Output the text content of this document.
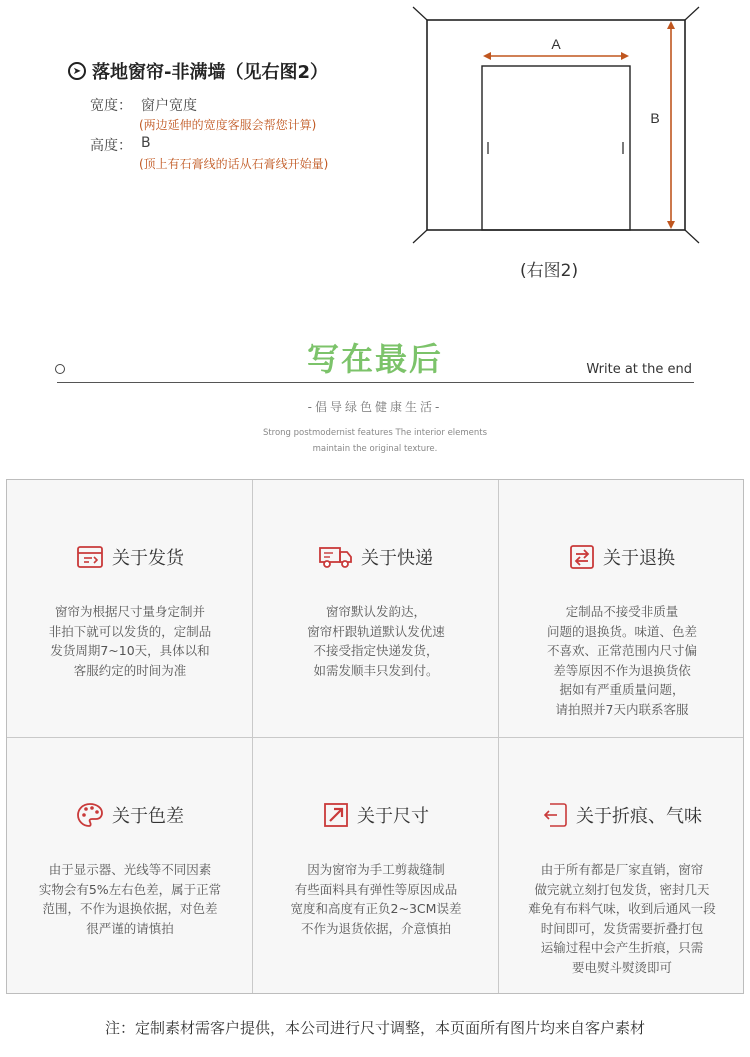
➤ 落地窗帘-非满墙（见右图2）
宽度： 窗户宽度
(两边延伸的宽度客服会帮您计算)
高度： B
(顶上有石膏线的话从石膏线开始量)
A
B
(右图2)
写在最后	Write at the end
-倡导绿色健康生活-
Strong postmodernist features The interior elements
maintain the original texture.
关于发货
窗帘为根据尺寸量身定制并
非拍下就可以发货的，定制品
发货周期7~10天，具体以和
客服约定的时间为准
关于快递
窗帘默认发韵达，
窗帘杆跟轨道默认发优速
不接受指定快递发货，
如需发顺丰只发到付。
关于退换
定制品不接受非质量
问题的退换货。味道、色差
不喜欢、正常范围内尺寸偏
差等原因不作为退换货依
据如有严重质量问题，
请拍照并7天内联系客服
关于色差
由于显示器、光线等不同因素
实物会有5%左右色差，属于正常
范围，不作为退换依据，对色差
很严谨的请慎拍
关于尺寸
因为窗帘为手工剪裁缝制
有些面料具有弹性等原因成品
宽度和高度有正负2~3CM误差
不作为退货依据，介意慎拍
关于折痕、气味
由于所有都是厂家直销，窗帘
做完就立刻打包发货，密封几天
难免有布料气味，收到后通风一段
时间即可，发货需要折叠打包
运输过程中会产生折痕，只需
要电熨斗熨烫即可
注：定制素材需客户提供，本公司进行尺寸调整，本页面所有图片均来自客户素材
